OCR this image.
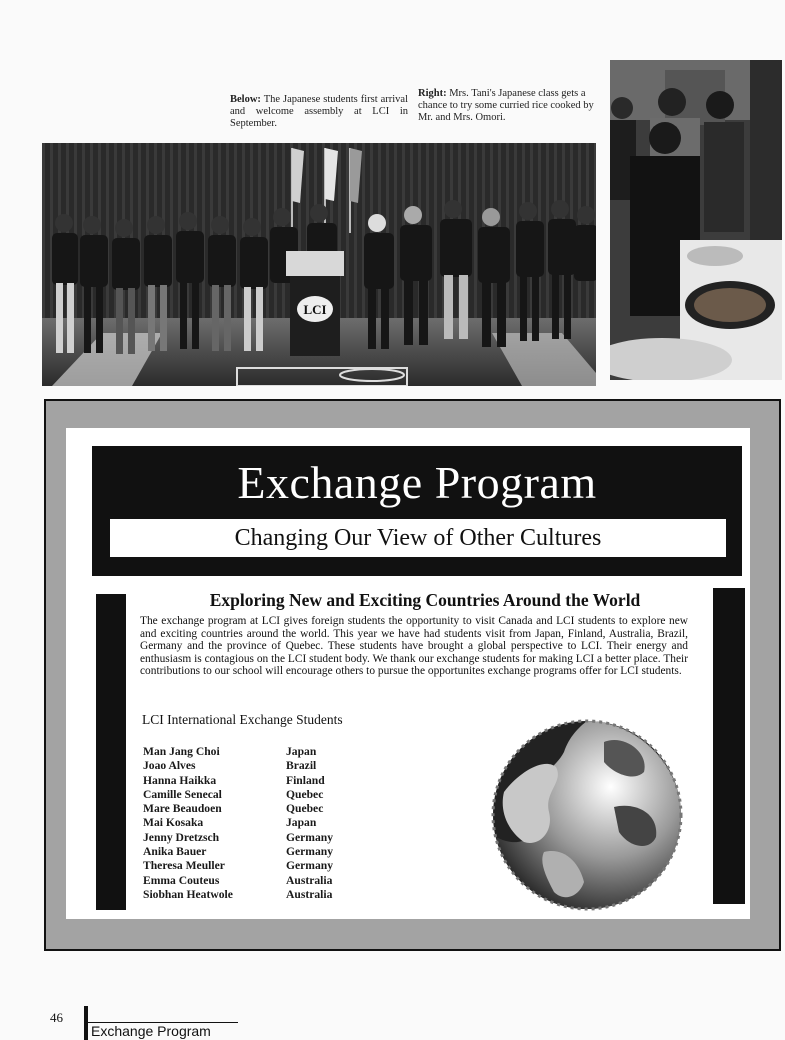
Below: The Japanese students first arrival and welcome assembly at LCI in September.
Right: Mrs. Tani's Japanese class gets a chance to try some curried rice cooked by Mr. and Mrs. Omori.
LCI
Exchange Program
Changing Our View of Other Cultures
Exploring New and Exciting Countries Around the World
The exchange program at LCI gives foreign students the opportunity to visit Canada and LCI students to explore new and exciting countries around the world. This year we have had students visit from Japan, Finland, Australia, Brazil, Germany and the province of Quebec. These students have brought a global perspective to LCI. Their energy and enthusiasm is contagious on the LCI student body. We thank our exchange students for making LCI a better place. Their contributions to our school will encourage others to pursue the opportunites exchange programs offer for LCI students.
LCI International Exchange Students
Man Jang Choi
Joao Alves
Hanna Haikka
Camille Senecal
Mare Beaudoen
Mai Kosaka
Jenny Dretzsch
Anika Bauer
Theresa Meuller
Emma Couteus
Siobhan Heatwole
Japan
Brazil
Finland
Quebec
Quebec
Japan
Germany
Germany
Germany
Australia
Australia
46
Exchange Program
